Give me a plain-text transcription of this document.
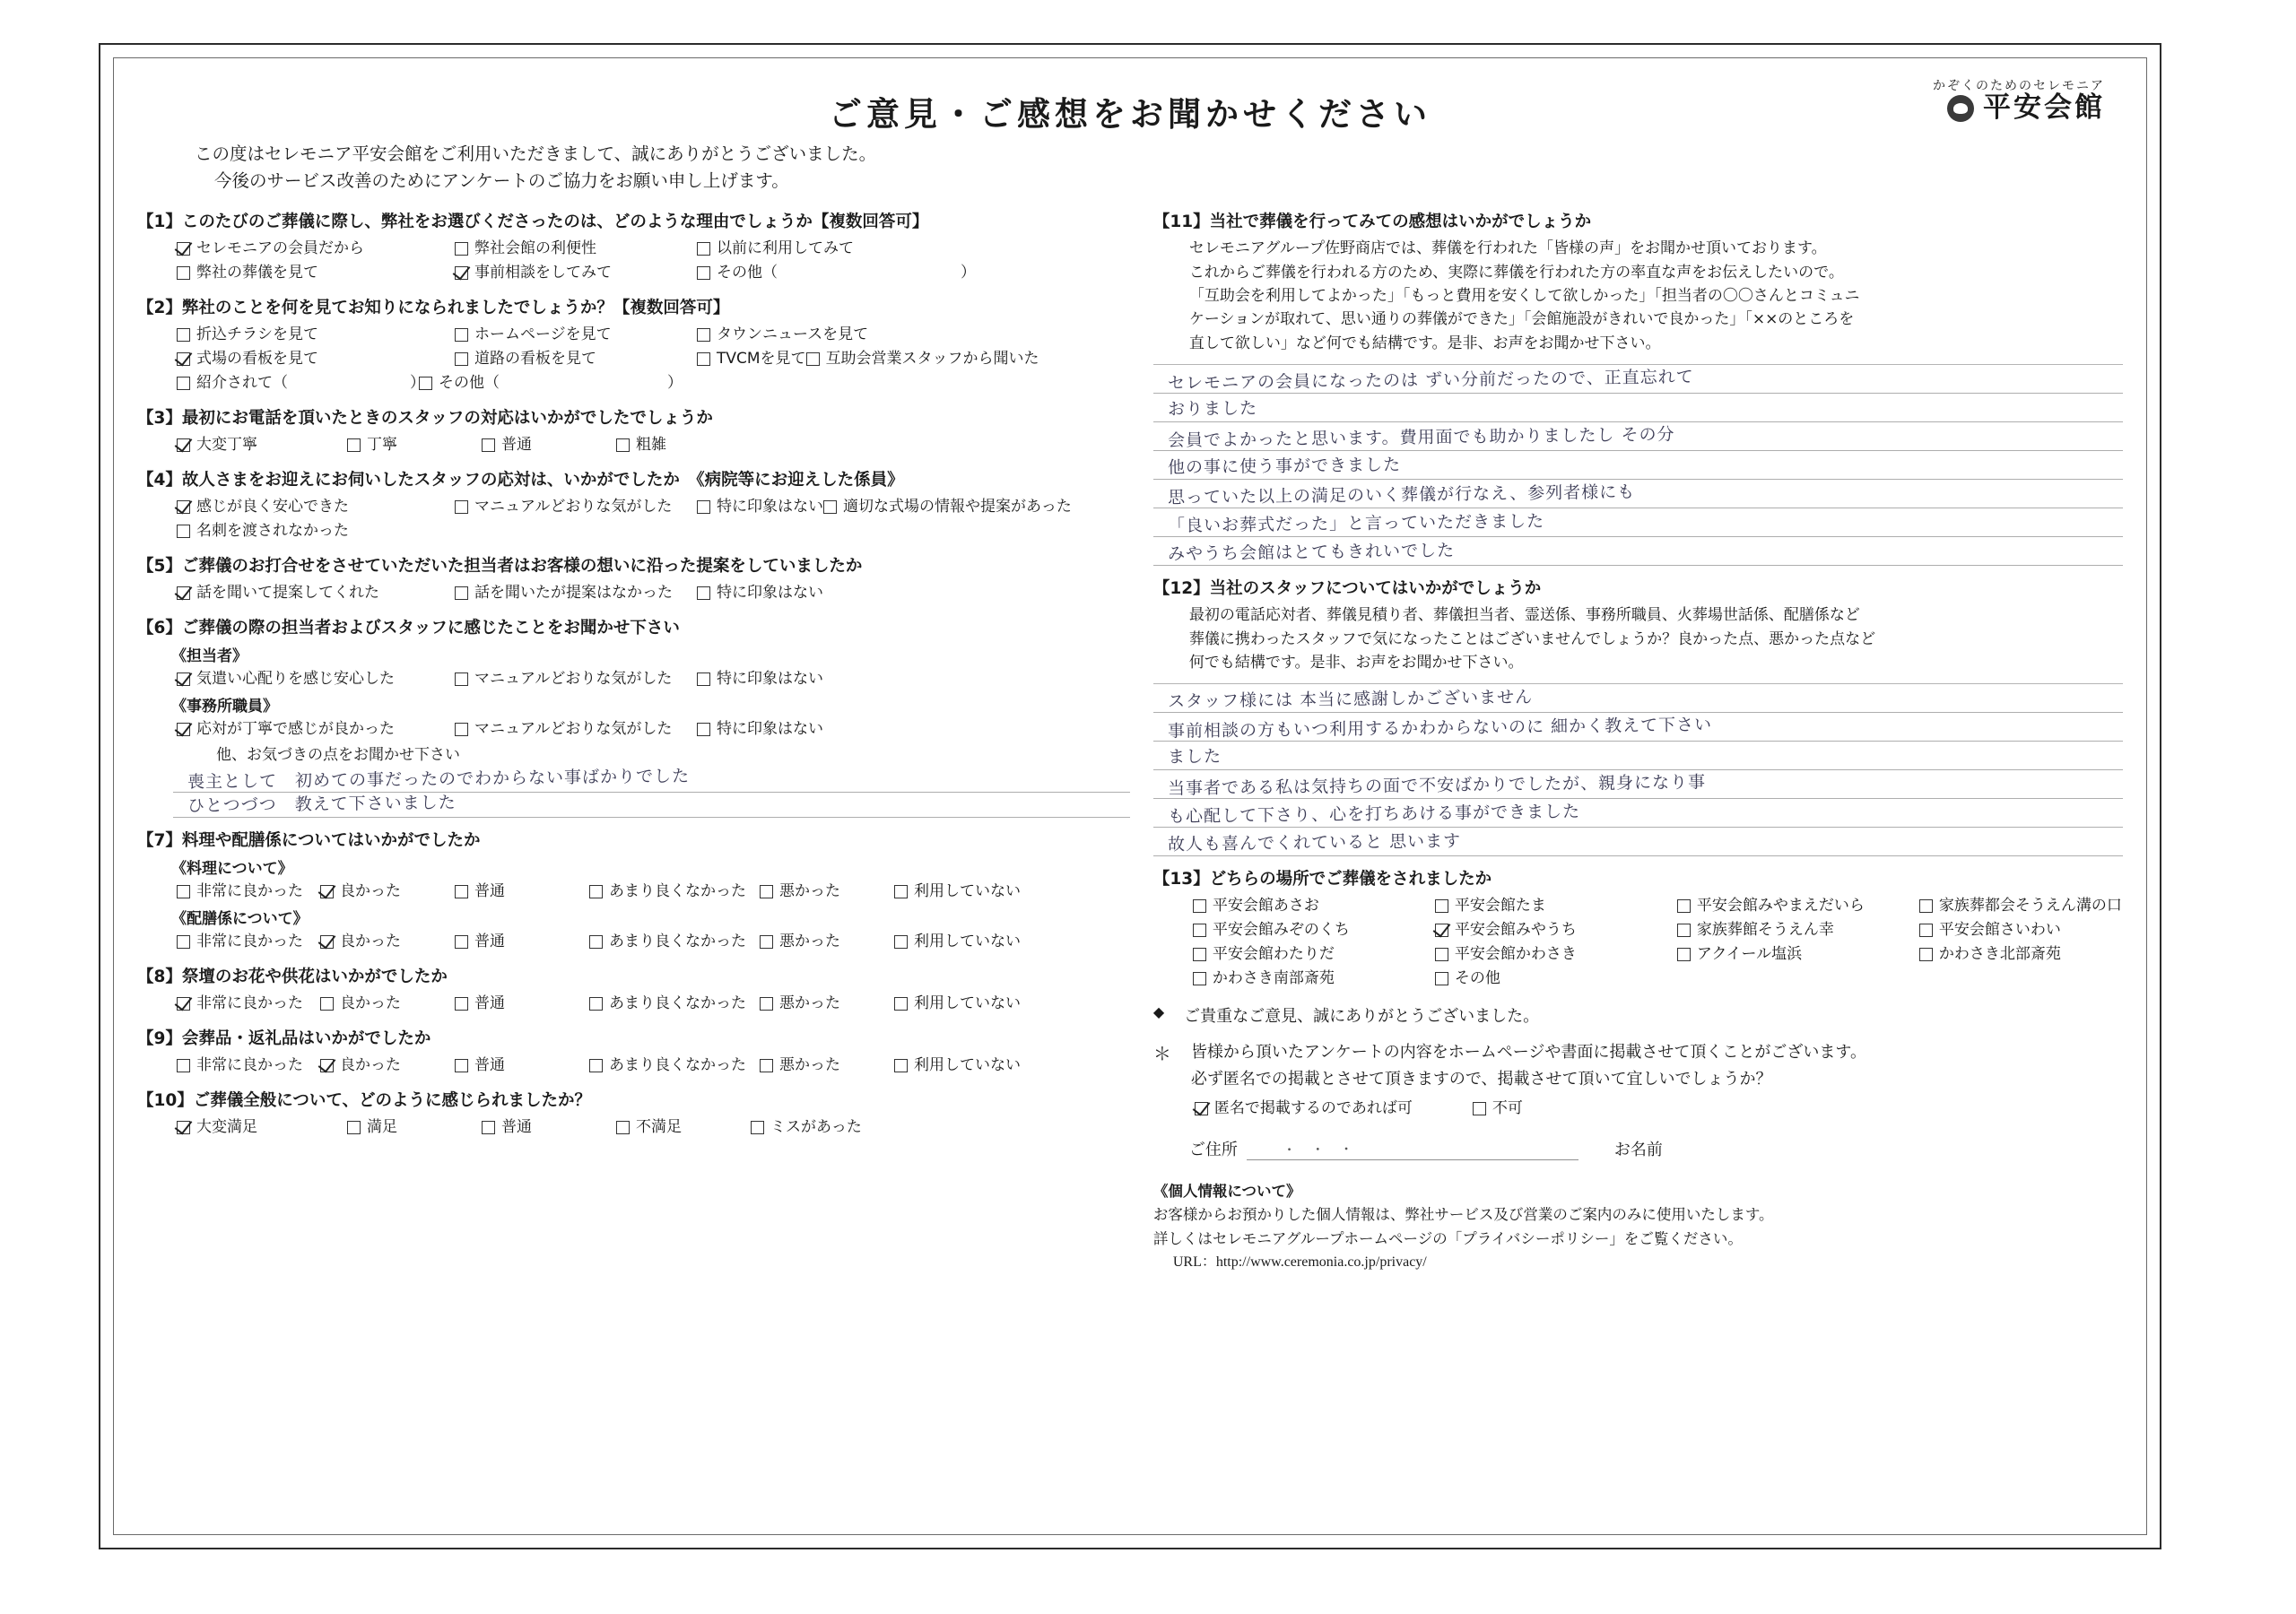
かぞくのためのセレモニア
平安会館
ご意見・ご感想をお聞かせください
この度はセレモニア平安会館をご利用いただきまして、誠にありがとうございました。
今後のサービス改善のためにアンケートのご協力をお願い申し上げます。
【1】このたびのご葬儀に際し、弊社をお選びくださったのは、どのような理由でしょうか【複数回答可】
セレモニアの会員だから	弊社会館の利便性	以前に利用してみて
弊社の葬儀を見て	事前相談をしてみて	その他（　　　　　　　　　　　　）
【2】弊社のことを何を見てお知りになられましたでしょうか？【複数回答可】
折込チラシを見て	ホームページを見て	タウンニュースを見て
式場の看板を見て	道路の看板を見て	TVCMを見て 互助会営業スタッフから聞いた
紹介されて（　　　　　　　　） その他（　　　　　　　　　　　）
【3】最初にお電話を頂いたときのスタッフの対応はいかがでしたでしょうか
大変丁寧	丁寧	普通	粗雑
【4】故人さまをお迎えにお伺いしたスタッフの応対は、いかがでしたか　《病院等にお迎えした係員》
感じが良く安心できた	マニュアルどおりな気がした	特に印象はない 適切な式場の情報や提案があった
名刺を渡されなかった
【5】ご葬儀のお打合せをさせていただいた担当者はお客様の想いに沿った提案をしていましたか
話を聞いて提案してくれた	話を聞いたが提案はなかった	特に印象はない
【6】ご葬儀の際の担当者およびスタッフに感じたことをお聞かせ下さい
《担当者》
気遣い心配りを感じ安心した	マニュアルどおりな気がした	特に印象はない
《事務所職員》
応対が丁寧で感じが良かった	マニュアルどおりな気がした	特に印象はない
他、お気づきの点をお聞かせ下さい
喪主として　初めての事だったのでわからない事ばかりでした
ひとつづつ　教えて下さいました
【7】料理や配膳係についてはいかがでしたか
《料理について》
非常に良かった 良かった	普通	あまり良くなかった 悪かった	利用していない
《配膳係について》
非常に良かった 良かった	普通	あまり良くなかった 悪かった	利用していない
【8】祭壇のお花や供花はいかがでしたか
非常に良かった 良かった	普通	あまり良くなかった 悪かった	利用していない
【9】会葬品・返礼品はいかがでしたか
非常に良かった 良かった	普通	あまり良くなかった 悪かった	利用していない
【10】ご葬儀全般について、どのように感じられましたか？
大変満足	満足	普通	不満足	ミスがあった
【11】当社で葬儀を行ってみての感想はいかがでしょうか
セレモニアグループ佐野商店では、葬儀を行われた「皆様の声」をお聞かせ頂いております。
これからご葬儀を行われる方のため、実際に葬儀を行われた方の率直な声をお伝えしたいので。
「互助会を利用してよかった」「もっと費用を安くして欲しかった」「担当者の〇〇さんとコミュニ
ケーションが取れて、思い通りの葬儀ができた」「会館施設がきれいで良かった」「××のところを
直して欲しい」など何でも結構です。是非、お声をお聞かせ下さい。
セレモニアの会員になったのは ずい分前だったので、正直忘れて
おりました
会員でよかったと思います。費用面でも助かりましたし その分
他の事に使う事ができました
思っていた以上の満足のいく葬儀が行なえ、参列者様にも
「良いお葬式だった」と言っていただきました
みやうち会館はとてもきれいでした
【12】当社のスタッフについてはいかがでしょうか
最初の電話応対者、葬儀見積り者、葬儀担当者、霊送係、事務所職員、火葬場世話係、配膳係など
葬儀に携わったスタッフで気になったことはございませんでしょうか？良かった点、悪かった点など
何でも結構です。是非、お声をお聞かせ下さい。
スタッフ様には 本当に感謝しかございません
事前相談の方もいつ利用するかわからないのに 細かく教えて下さい
ました
当事者である私は気持ちの面で不安ばかりでしたが、親身になり事
も心配して下さり、心を打ちあける事ができました
故人も喜んでくれていると 思います
【13】どちらの場所でご葬儀をされましたか
平安会館あさお	平安会館たま	平安会館みやまえだいら	家族葬都会そうえん溝の口
平安会館みぞのくち	平安会館みやうち	家族葬館そうえん幸	平安会館さいわい
平安会館わたりだ	平安会館かわさき	アクイール塩浜	かわさき北部斎苑
かわさき南部斎苑	その他
◆ ご貴重なご意見、誠にありがとうございました。
＊ 皆様から頂いたアンケートの内容をホームページや書面に掲載させて頂くことがございます。
必ず匿名での掲載とさせて頂きますので、掲載させて頂いて宜しいでしょうか？
匿名で掲載するのであれば可	不可
ご住所	・ ・ ・	お名前
《個人情報について》
お客様からお預かりした個人情報は、弊社サービス及び営業のご案内のみに使用いたします。
詳しくはセレモニアグループホームページの「プライバシーポリシー」をご覧ください。
URL：http://www.ceremonia.co.jp/privacy/
